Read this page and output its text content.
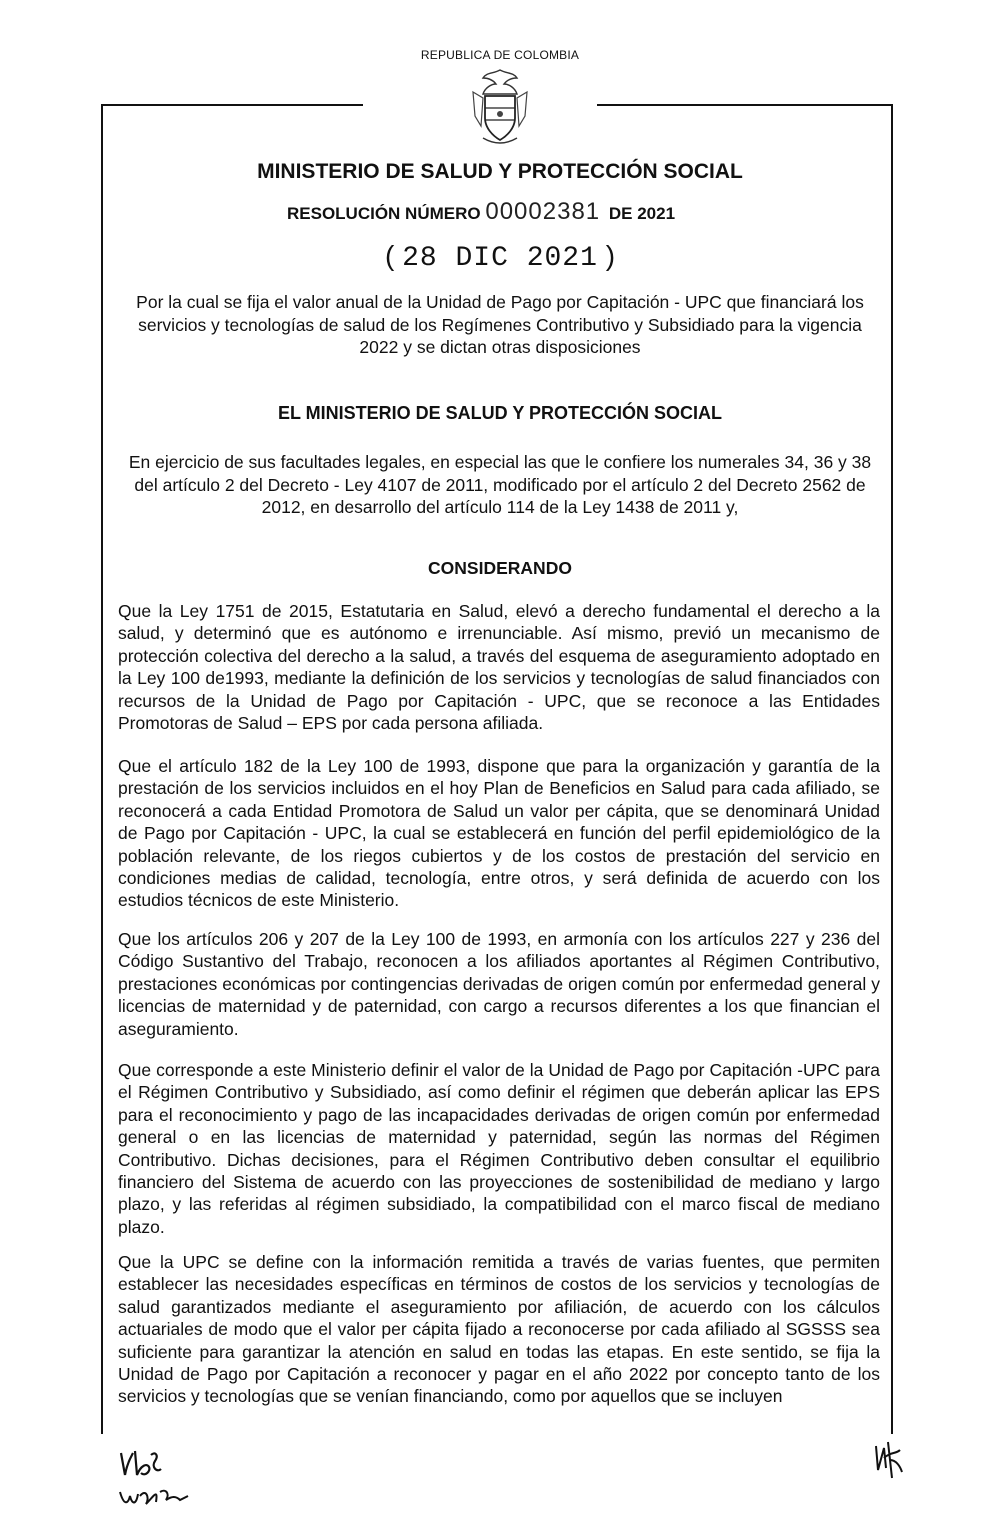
REPUBLICA DE COLOMBIA
MINISTERIO DE SALUD Y PROTECCIÓN SOCIAL
RESOLUCIÓN NÚMERO 00002381 DE 2021
( 28 DIC 2021 )
Por la cual se fija el valor anual de la Unidad de Pago por Capitación - UPC que financiará los servicios y tecnologías de salud de los Regímenes Contributivo y Subsidiado para la vigencia 2022 y se dictan otras disposiciones
EL MINISTERIO DE SALUD Y PROTECCIÓN SOCIAL
En ejercicio de sus facultades legales, en especial las que le confiere los numerales 34, 36 y 38 del artículo 2 del Decreto - Ley 4107 de 2011, modificado por el artículo 2 del Decreto 2562 de 2012, en desarrollo del artículo 114 de la Ley 1438 de 2011 y,
CONSIDERANDO

Que la Ley 1751 de 2015, Estatutaria en Salud, elevó a derecho fundamental el derecho a la salud, y determinó que es autónomo e irrenunciable. Así mismo, previó un mecanismo de protección colectiva del derecho a la salud, a través del esquema de aseguramiento adoptado en la Ley 100 de1993, mediante la definición de los servicios y tecnologías de salud financiados con recursos de la Unidad de Pago por Capitación - UPC, que se reconoce a las Entidades Promotoras de Salud – EPS por cada persona afiliada.

Que el artículo 182 de la Ley 100 de 1993, dispone que para la organización y garantía de la prestación de los servicios incluidos en el hoy Plan de Beneficios en Salud para cada afiliado, se reconocerá a cada Entidad Promotora de Salud un valor per cápita, que se denominará Unidad de Pago por Capitación - UPC, la cual se establecerá en función del perfil epidemiológico de la población relevante, de los riegos cubiertos y de los costos de prestación del servicio en condiciones medias de calidad, tecnología, entre otros, y será definida de acuerdo con los estudios técnicos de este Ministerio.

Que los artículos 206 y 207 de la Ley 100 de 1993, en armonía con los artículos 227 y 236 del Código Sustantivo del Trabajo, reconocen a los afiliados aportantes al Régimen Contributivo, prestaciones económicas por contingencias derivadas de origen común por enfermedad general y licencias de maternidad y de paternidad, con cargo a recursos diferentes a los que financian el aseguramiento.

Que corresponde a este Ministerio definir el valor de la Unidad de Pago por Capitación -UPC para el Régimen Contributivo y Subsidiado, así como definir el régimen que deberán aplicar las EPS para el reconocimiento y pago de las incapacidades derivadas de origen común por enfermedad general o en las licencias de maternidad y paternidad, según las normas del Régimen Contributivo. Dichas decisiones, para el Régimen Contributivo deben consultar el equilibrio financiero del Sistema de acuerdo con las proyecciones de sostenibilidad de mediano y largo plazo, y las referidas al régimen subsidiado, la compatibilidad con el marco fiscal de mediano plazo.

Que la UPC se define con la información remitida a través de varias fuentes, que permiten establecer las necesidades específicas en términos de costos de los servicios y tecnologías de salud garantizados mediante el aseguramiento por afiliación, de acuerdo con los cálculos actuariales de modo que el valor per cápita fijado a reconocerse por cada afiliado al SGSSS sea suficiente para garantizar la atención en salud en todas las etapas. En este sentido, se fija la Unidad de Pago por Capitación a reconocer y pagar en el año 2022 por concepto tanto de los servicios y tecnologías que se venían financiando, como por aquellos que se incluyen
